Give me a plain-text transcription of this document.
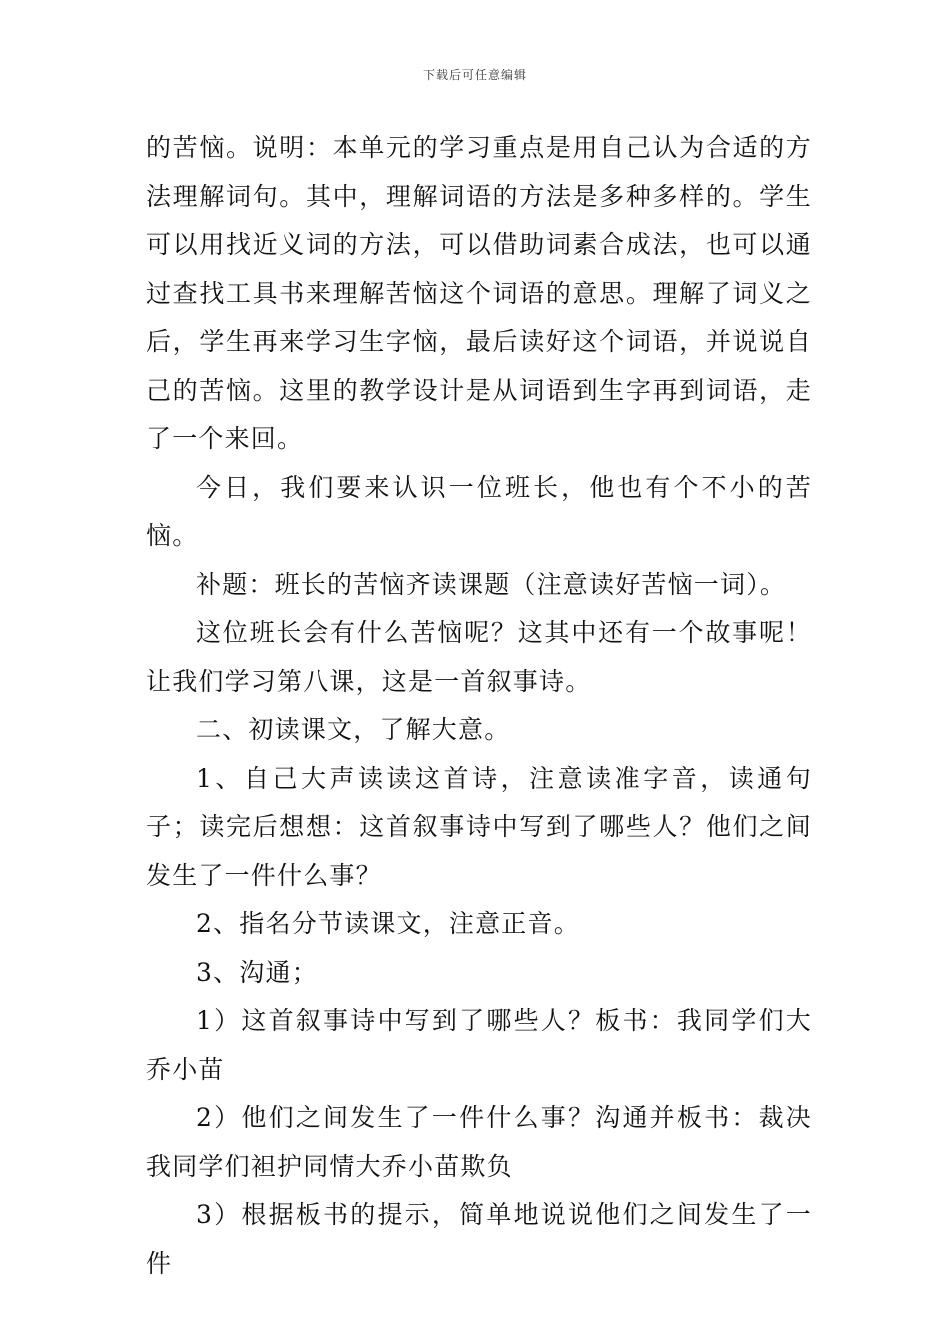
下载后可任意编辑

的苦恼。说明：本单元的学习重点是用自己认为合适的方法理解词句。其中，理解词语的方法是多种多样的。学生可以用找近义词的方法，可以借助词素合成法，也可以通过查找工具书来理解苦恼这个词语的意思。理解了词义之后，学生再来学习生字恼，最后读好这个词语，并说说自己的苦恼。这里的教学设计是从词语到生字再到词语，走了一个来回。

今日，我们要来认识一位班长，他也有个不小的苦恼。

补题：班长的苦恼齐读课题（注意读好苦恼一词）。

这位班长会有什么苦恼呢？这其中还有一个故事呢！让我们学习第八课，这是一首叙事诗。

二、初读课文，了解大意。

1、自己大声读读这首诗，注意读准字音，读通句子；读完后想想：这首叙事诗中写到了哪些人？他们之间发生了一件什么事？

2、指名分节读课文，注意正音。

3、沟通；

1）这首叙事诗中写到了哪些人？板书：我同学们大乔小苗

2）他们之间发生了一件什么事？沟通并板书：裁决我同学们袒护同情大乔小苗欺负

3）根据板书的提示，简单地说说他们之间发生了一件
